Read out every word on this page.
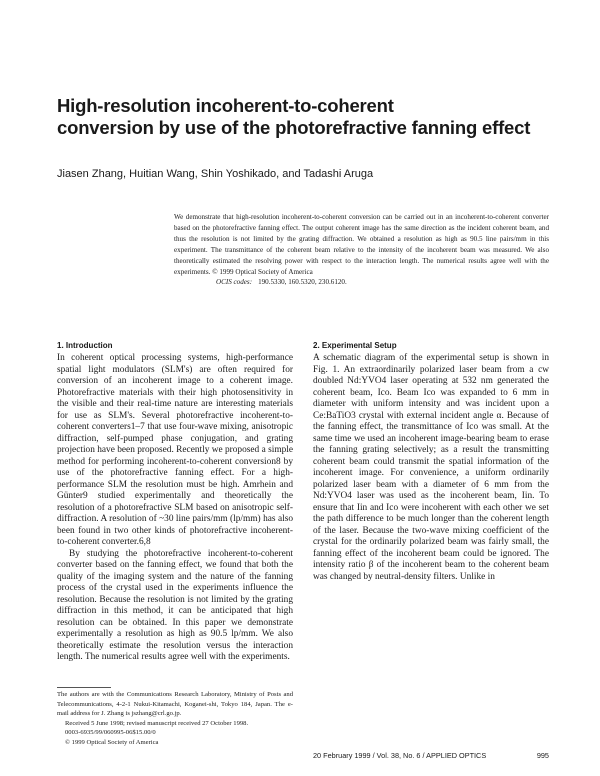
High-resolution incoherent-to-coherent
conversion by use of the photorefractive fanning effect
Jiasen Zhang, Huitian Wang, Shin Yoshikado, and Tadashi Aruga

We demonstrate that high-resolution incoherent-to-coherent conversion can be carried out in an incoherent-to-coherent converter based on the photorefractive fanning effect. The output coherent image has the same direction as the incident coherent beam, and thus the resolution is not limited by the grating diffraction. We obtained a resolution as high as 90.5 line pairs/mm in this experiment. The transmittance of the coherent beam relative to the intensity of the incoherent beam was measured. We also theoretically estimated the resolving power with respect to the interaction length. The numerical results agree well with the experiments. © 1999 Optical Society of America

OCIS codes: 190.5330, 160.5320, 230.6120.

1. Introduction

In coherent optical processing systems, high-performance spatial light modulators (SLM's) are often required for conversion of an incoherent image to a coherent image. Photorefractive materials with their high photosensitivity in the visible and their real-time nature are interesting materials for use as SLM's. Several photorefractive incoherent-to-coherent converters1–7 that use four-wave mixing, anisotropic diffraction, self-pumped phase conjugation, and grating projection have been proposed. Recently we proposed a simple method for performing incoherent-to-coherent conversion8 by use of the photorefractive fanning effect. For a high-performance SLM the resolution must be high. Amrhein and Günter9 studied experimentally and theoretically the resolution of a photorefractive SLM based on anisotropic self-diffraction. A resolution of ~30 line pairs/mm (lp/mm) has also been found in two other kinds of photorefractive incoherent-to-coherent converter.6,8

By studying the photorefractive incoherent-to-coherent converter based on the fanning effect, we found that both the quality of the imaging system and the nature of the fanning process of the crystal used in the experiments influence the resolution. Because the resolution is not limited by the grating diffraction in this method, it can be anticipated that high resolution can be obtained. In this paper we demonstrate experimentally a resolution as high as 90.5 lp/mm. We also theoretically estimate the resolution versus the interaction length. The numerical results agree well with the experiments.

2. Experimental Setup

A schematic diagram of the experimental setup is shown in Fig. 1. An extraordinarily polarized laser beam from a cw doubled Nd:YVO4 laser operating at 532 nm generated the coherent beam, Ico. Beam Ico was expanded to 6 mm in diameter with uniform intensity and was incident upon a Ce:BaTiO3 crystal with external incident angle α. Because of the fanning effect, the transmittance of Ico was small. At the same time we used an incoherent image-bearing beam to erase the fanning grating selectively; as a result the transmitting coherent beam could transmit the spatial information of the incoherent image. For convenience, a uniform ordinarily polarized laser beam with a diameter of 6 mm from the Nd:YVO4 laser was used as the incoherent beam, Iin. To ensure that Iin and Ico were incoherent with each other we set the path difference to be much longer than the coherent length of the laser. Because the two-wave mixing coefficient of the crystal for the ordinarily polarized beam was fairly small, the fanning effect of the incoherent beam could be ignored. The intensity ratio β of the incoherent beam to the coherent beam was changed by neutral-density filters. Unlike in

The authors are with the Communications Research Laboratory, Ministry of Posts and Telecommunications, 4-2-1 Nukui-Kitamachi, Koganei-shi, Tokyo 184, Japan. The e-mail address for J. Zhang is jszhang@crl.go.jp.

Received 5 June 1998; revised manuscript received 27 October 1998.

0003-6935/99/060995-06$15.00/0

© 1999 Optical Society of America

20 February 1999 / Vol. 38, No. 6 / APPLIED OPTICS	995
